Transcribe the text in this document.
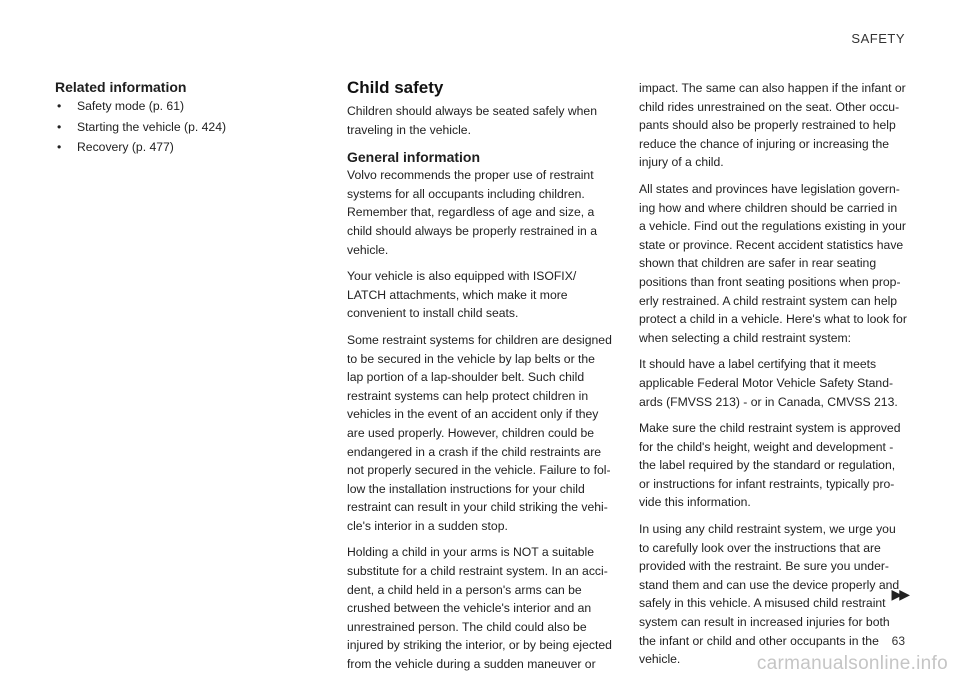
SAFETY
Related information
• Safety mode (p. 61)
• Starting the vehicle (p. 424)
• Recovery (p. 477)
Child safety

Children should always be seated safely when traveling in the vehicle.

General information

Volvo recommends the proper use of restraint systems for all occupants including children. Remember that, regardless of age and size, a child should always be properly restrained in a vehicle.

Your vehicle is also equipped with ISOFIX/ LATCH attachments, which make it more convenient to install child seats.

Some restraint systems for children are designed to be secured in the vehicle by lap belts or the lap portion of a lap-shoulder belt. Such child restraint systems can help protect children in vehicles in the event of an accident only if they are used properly. However, children could be endangered in a crash if the child restraints are not properly secured in the vehicle. Failure to follow the installation instructions for your child restraint can result in your child striking the vehicle's interior in a sudden stop.

Holding a child in your arms is NOT a suitable substitute for a child restraint system. In an accident, a child held in a person's arms can be crushed between the vehicle's interior and an unrestrained person. The child could also be injured by striking the interior, or by being ejected from the vehicle during a sudden maneuver or

impact. The same can also happen if the infant or child rides unrestrained on the seat. Other occupants should also be properly restrained to help reduce the chance of injuring or increasing the injury of a child.

All states and provinces have legislation governing how and where children should be carried in a vehicle. Find out the regulations existing in your state or province. Recent accident statistics have shown that children are safer in rear seating positions than front seating positions when properly restrained. A child restraint system can help protect a child in a vehicle. Here's what to look for when selecting a child restraint system:

It should have a label certifying that it meets applicable Federal Motor Vehicle Safety Standards (FMVSS 213) - or in Canada, CMVSS 213.

Make sure the child restraint system is approved for the child's height, weight and development - the label required by the standard or regulation, or instructions for infant restraints, typically provide this information.

In using any child restraint system, we urge you to carefully look over the instructions that are provided with the restraint. Be sure you understand them and can use the device properly and safely in this vehicle. A misused child restraint system can result in increased injuries for both the infant or child and other occupants in the vehicle.

▶▶
63
carmanualsonline.info
